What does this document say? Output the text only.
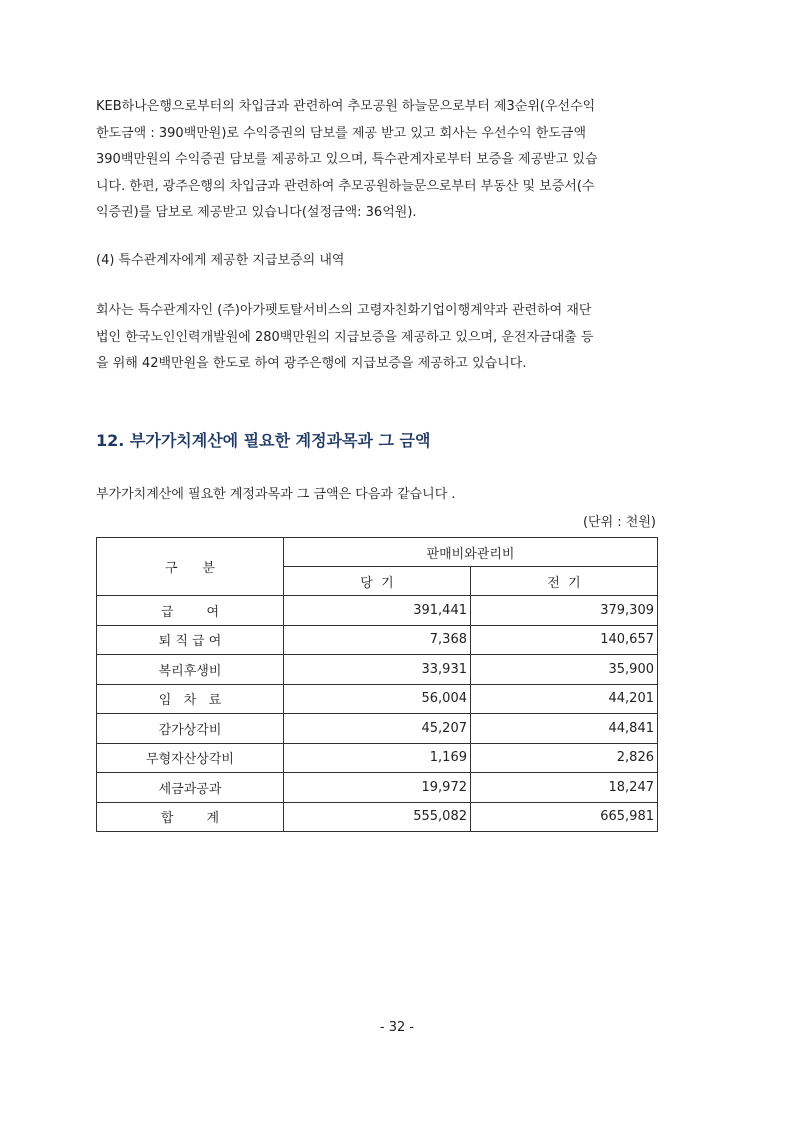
KEB하나은행으로부터의 차입금과 관련하여 추모공원 하늘문으로부터 제3순위(우선수익
한도금액 : 390백만원)로 수익증권의 담보를 제공 받고 있고 회사는 우선수익 한도금액
390백만원의 수익증권 담보를 제공하고 있으며, 특수관계자로부터 보증을 제공받고 있습
니다. 한편, 광주은행의 차입금과 관련하여 추모공원하늘문으로부터 부동산 및 보증서(수
익증권)를 담보로 제공받고 있습니다(설정금액: 36억원).
(4) 특수관계자에게 제공한 지급보증의 내역
회사는 특수관계자인 (주)아가펫토탈서비스의 고령자친화기업이행계약과 관련하여 재단
법인 한국노인인력개발원에 280백만원의 지급보증을 제공하고 있으며, 운전자금대출 등
을 위해 42백만원을 한도로 하여 광주은행에 지급보증을 제공하고 있습니다.
12. 부가가치계산에 필요한 계정과목과 그 금액
부가가치계산에 필요한 계정과목과 그 금액은 다음과 같습니다 .
(단위 : 천원)
구      분	판매비와관리비	
	당  기	전  기
급        여	391,441	379,309
퇴 직 급 여	7,368	140,657
복리후생비	33,931	35,900
임   차   료	56,004	44,201
감가상각비	45,207	44,841
무형자산상각비	1,169	2,826
세금과공과	19,972	18,247
합        계	555,082	665,981
- 32 -
